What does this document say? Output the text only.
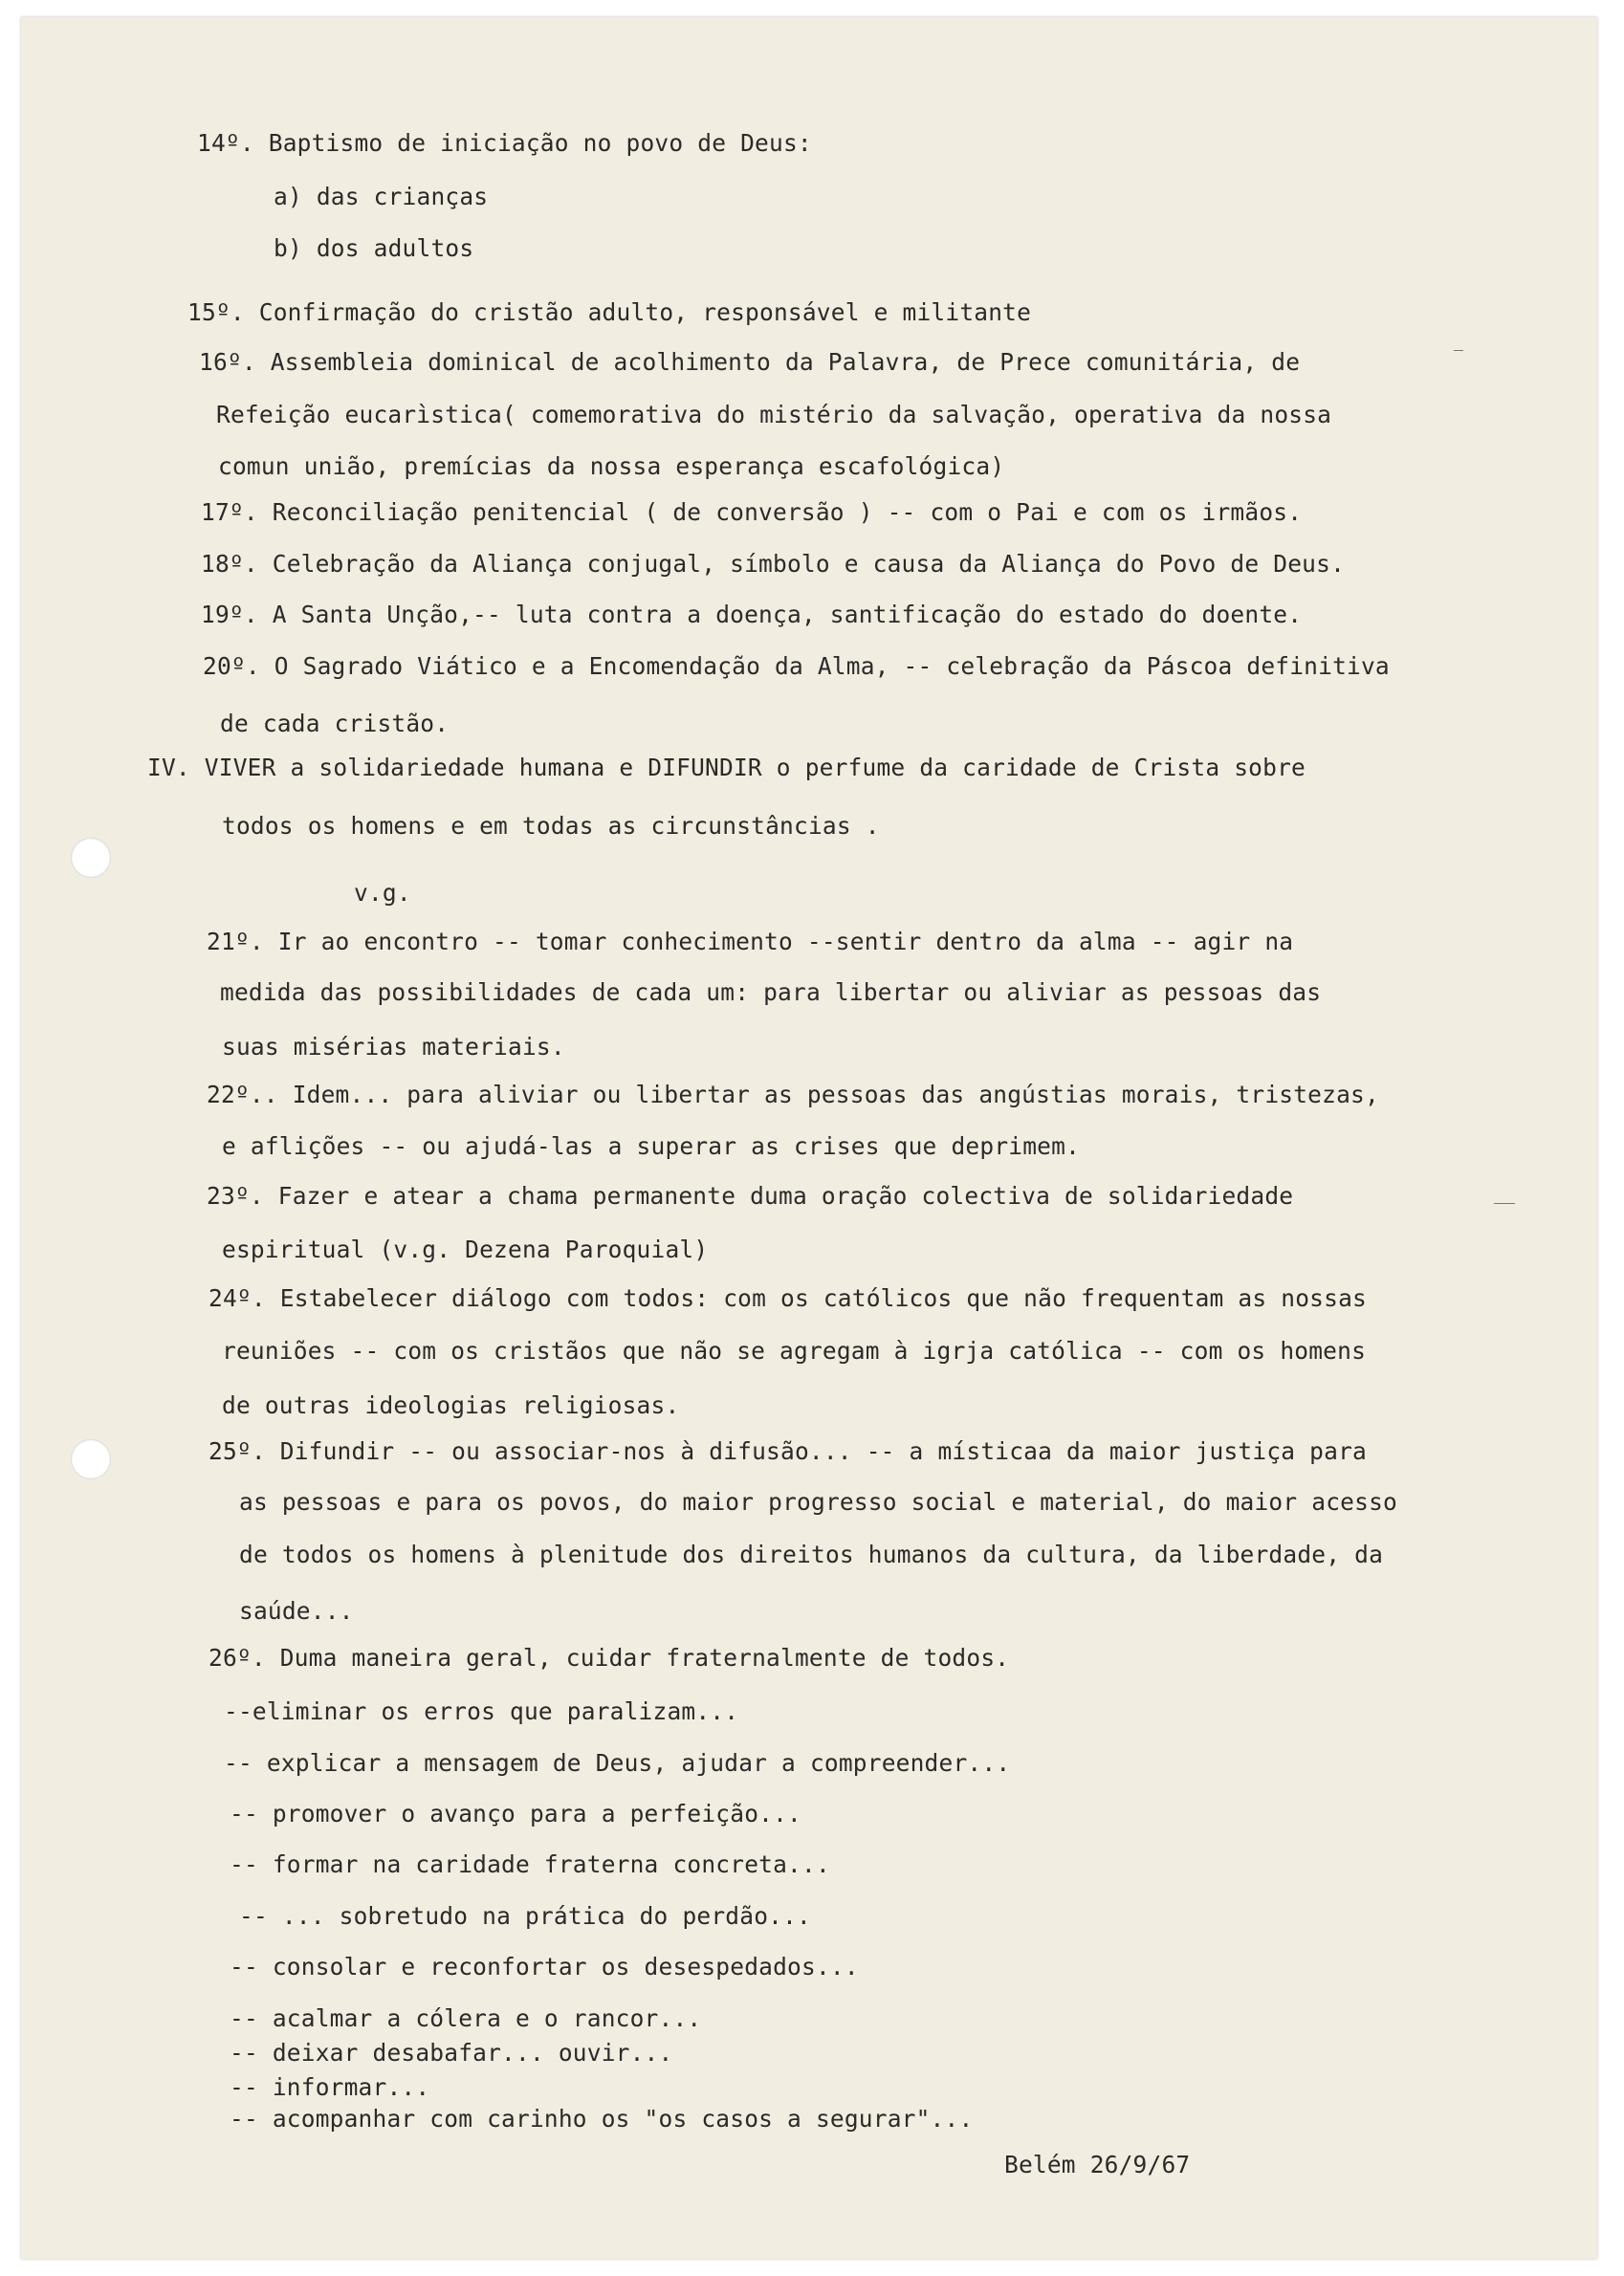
14º. Baptismo de iniciação no povo de Deus:
a) das crianças
b) dos adultos
15º. Confirmação do cristão adulto, responsável e militante
16º. Assembleia dominical de acolhimento da Palavra, de Prece comunitária, de
Refeição eucarìstica( comemorativa do mistério da salvação, operativa da nossa
comun união, premícias da nossa esperança escafológica)
17º. Reconciliação penitencial ( de conversão ) -- com o Pai e com os irmãos.
18º. Celebração da Aliança conjugal, símbolo e causa da Aliança do Povo de Deus.
19º. A Santa Unção,-- luta contra a doença, santificação do estado do doente.
20º. O Sagrado Viático e a Encomendação da Alma, -- celebração da Páscoa definitiva
de cada cristão.
IV. VIVER a solidariedade humana e DIFUNDIR o perfume da caridade de Crista sobre
todos os homens e em todas as circunstâncias .
v.g.
21º. Ir ao encontro -- tomar conhecimento --sentir dentro da alma -- agir na
medida das possibilidades de cada um: para libertar ou aliviar as pessoas das
suas misérias materiais.
22º.. Idem... para aliviar ou libertar as pessoas das angústias morais, tristezas,
e aflições -- ou ajudá-las a superar as crises que deprimem.
23º. Fazer e atear a chama permanente duma oração colectiva de solidariedade
espiritual (v.g. Dezena Paroquial)
24º. Estabelecer diálogo com todos: com os católicos que não frequentam as nossas
reuniões -- com os cristãos que não se agregam à igrja católica -- com os homens
de outras ideologias religiosas.
25º. Difundir -- ou associar-nos à difusão... -- a místicaa da maior justiça para
as pessoas e para os povos, do maior progresso social e material, do maior acesso
de todos os homens à plenitude dos direitos humanos da cultura, da liberdade, da
saúde...
26º. Duma maneira geral, cuidar fraternalmente de todos.
--eliminar os erros que paralizam...
-- explicar a mensagem de Deus, ajudar a compreender...
-- promover o avanço para a perfeição...
-- formar na caridade fraterna concreta...
-- ... sobretudo na prática do perdão...
-- consolar e reconfortar os desespedados...
-- acalmar a cólera e o rancor...
-- deixar desabafar... ouvir...
-- informar...
-- acompanhar com carinho os "os casos a segurar"...
Belém 26/9/67
